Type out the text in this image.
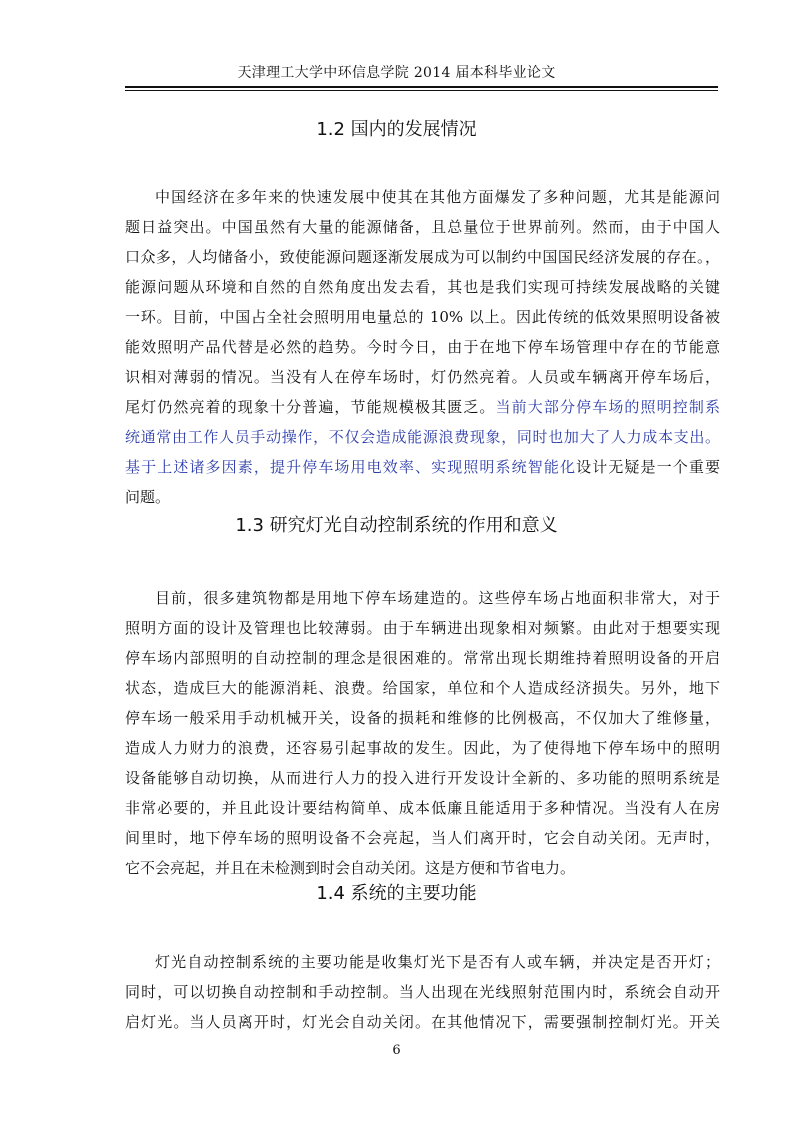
天津理工大学中环信息学院 2014 届本科毕业论文
1.2 国内的发展情况
中国经济在多年来的快速发展中使其在其他方面爆发了多种问题，尤其是能源问
题日益突出。中国虽然有大量的能源储备，且总量位于世界前列。然而，由于中国人
口众多，人均储备小，致使能源问题逐渐发展成为可以制约中国国民经济发展的存在。，
能源问题从环境和自然的自然角度出发去看，其也是我们实现可持续发展战略的关键
一环。目前，中国占全社会照明用电量总的 10% 以上。因此传统的低效果照明设备被
能效照明产品代替是必然的趋势。今时今日，由于在地下停车场管理中存在的节能意
识相对薄弱的情况。当没有人在停车场时，灯仍然亮着。人员或车辆离开停车场后，
尾灯仍然亮着的现象十分普遍，节能规模极其匮乏。当前大部分停车场的照明控制系
统通常由工作人员手动操作，不仅会造成能源浪费现象，同时也加大了人力成本支出。
基于上述诸多因素，提升停车场用电效率、实现照明系统智能化设计无疑是一个重要
问题。
1.3 研究灯光自动控制系统的作用和意义
目前，很多建筑物都是用地下停车场建造的。这些停车场占地面积非常大，对于
照明方面的设计及管理也比较薄弱。由于车辆进出现象相对频繁。由此对于想要实现
停车场内部照明的自动控制的理念是很困难的。常常出现长期维持着照明设备的开启
状态，造成巨大的能源消耗、浪费。给国家，单位和个人造成经济损失。另外，地下
停车场一般采用手动机械开关，设备的损耗和维修的比例极高，不仅加大了维修量，
造成人力财力的浪费，还容易引起事故的发生。因此，为了使得地下停车场中的照明
设备能够自动切换，从而进行人力的投入进行开发设计全新的、多功能的照明系统是
非常必要的，并且此设计要结构简单、成本低廉且能适用于多种情况。当没有人在房
间里时，地下停车场的照明设备不会亮起，当人们离开时，它会自动关闭。无声时，
它不会亮起，并且在未检测到时会自动关闭。这是方便和节省电力。
1.4 系统的主要功能
灯光自动控制系统的主要功能是收集灯光下是否有人或车辆，并决定是否开灯；
同时，可以切换自动控制和手动控制。当人出现在光线照射范围内时，系统会自动开
启灯光。当人员离开时，灯光会自动关闭。在其他情况下，需要强制控制灯光。开关
6
